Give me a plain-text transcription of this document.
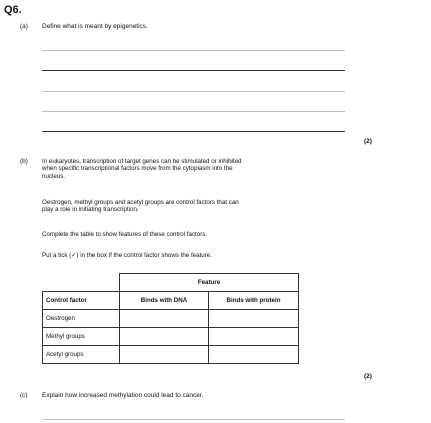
Q6.
(a) Define what is meant by epigenetics.
(2)
(b) In eukaryotes, transcription of target genes can be stimulated or inhibited
when specific transcriptional factors move from the cytoplasm into the
nucleus.
Oestrogen, methyl groups and acetyl groups are control factors that can
play a role in initiating transcription.
Complete the table to show features of these control factors.
Put a tick (✓) in the box if the control factor shows the feature.
	Feature	
Control factor	Binds with DNA	Binds with protein
Oestrogen		
Methyl groups		
Acetyl groups		
(2)
(c) Explain how increased methylation could lead to cancer.
